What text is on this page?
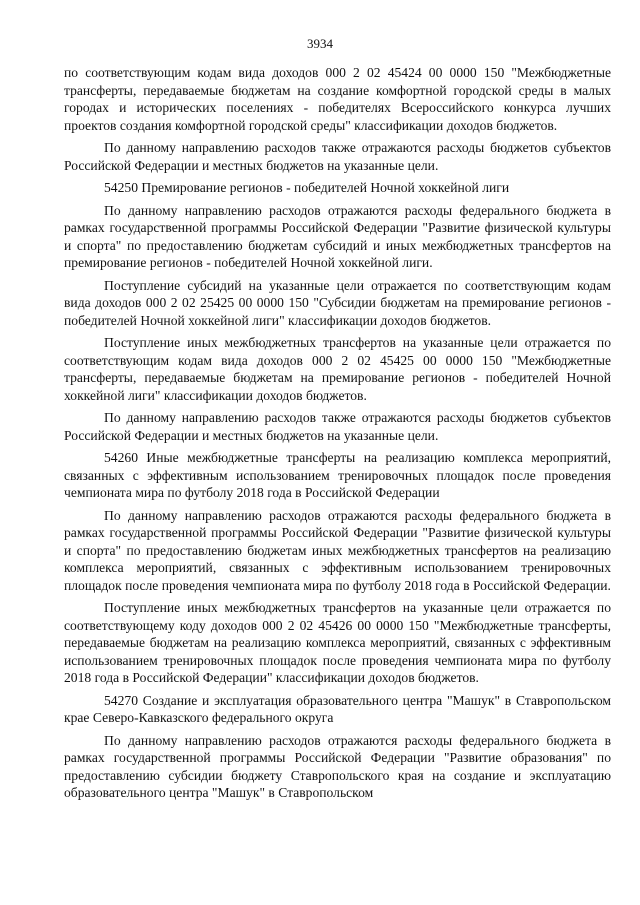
3934

по соответствующим кодам вида доходов 000 2 02 45424 00 0000 150 "Межбюджетные трансферты, передаваемые бюджетам на создание комфортной городской среды в малых городах и исторических поселениях - победителях Всероссийского конкурса лучших проектов создания комфортной городской среды" классификации доходов бюджетов.

По данному направлению расходов также отражаются расходы бюджетов субъектов Российской Федерации и местных бюджетов на указанные цели.

54250 Премирование регионов - победителей Ночной хоккейной лиги

По данному направлению расходов отражаются расходы федерального бюджета в рамках государственной программы Российской Федерации "Развитие физической культуры и спорта" по предоставлению бюджетам субсидий и иных межбюджетных трансфертов на премирование регионов - победителей Ночной хоккейной лиги.

Поступление субсидий на указанные цели отражается по соответствующим кодам вида доходов 000 2 02 25425 00 0000 150 "Субсидии бюджетам на премирование регионов - победителей Ночной хоккейной лиги" классификации доходов бюджетов.

Поступление иных межбюджетных трансфертов на указанные цели отражается по соответствующим кодам вида доходов 000 2 02 45425 00 0000 150 "Межбюджетные трансферты, передаваемые бюджетам на премирование регионов - победителей Ночной хоккейной лиги" классификации доходов бюджетов.

По данному направлению расходов также отражаются расходы бюджетов субъектов Российской Федерации и местных бюджетов на указанные цели.

54260 Иные межбюджетные трансферты на реализацию комплекса мероприятий, связанных с эффективным использованием тренировочных площадок после проведения чемпионата мира по футболу 2018 года в Российской Федерации

По данному направлению расходов отражаются расходы федерального бюджета в рамках государственной программы Российской Федерации "Развитие физической культуры и спорта" по предоставлению бюджетам иных межбюджетных трансфертов на реализацию комплекса мероприятий, связанных с эффективным использованием тренировочных площадок после проведения чемпионата мира по футболу 2018 года в Российской Федерации.

Поступление иных межбюджетных трансфертов на указанные цели отражается по соответствующему коду доходов 000 2 02 45426 00 0000 150 "Межбюджетные трансферты, передаваемые бюджетам на реализацию комплекса мероприятий, связанных с эффективным использованием тренировочных площадок после проведения чемпионата мира по футболу 2018 года в Российской Федерации" классификации доходов бюджетов.

54270 Создание и эксплуатация образовательного центра "Машук" в Ставропольском крае Северо-Кавказского федерального округа

По данному направлению расходов отражаются расходы федерального бюджета в рамках государственной программы Российской Федерации "Развитие образования" по предоставлению субсидии бюджету Ставропольского края на создание и эксплуатацию образовательного центра "Машук" в Ставропольском
